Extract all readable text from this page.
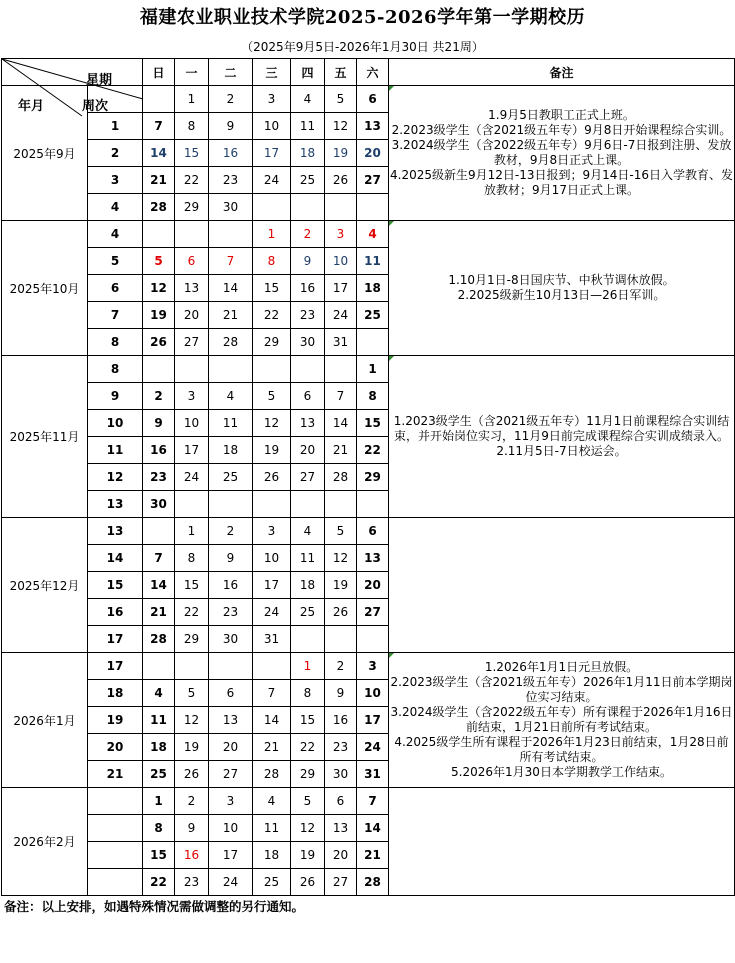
福建农业职业技术学院2025-2026学年第一学期校历
（2025年9月5日-2026年1月30日 共21周）
星期
年月 周次		日	一	二	三	四	五	六	备注
2025年9月			1	2	3	4	5	6	1.9月5日教职工正式上班。
2.2023级学生（含2021级五年专）9月8日开始课程综合实训。
3.2024级学生（含2022级五年专）9月6日-7日报到注册、发放教材，9月8日正式上课。
4.2025级新生9月12日-13日报到；9月14日-16日入学教育、发放教材；9月17日正式上课。

	1	7	8	9	10	11	12	13	
	2	14	15	16	17	18	19	20	
	3	21	22	23	24	25	26	27	
	4	28	29	30					
2025年10月	4				1	2	3	4	1.10月1日-8日国庆节、中秋节调休放假。
2.2025级新生10月13日—26日军训。

	5	5	6	7	8	9	10	11	
	6	12	13	14	15	16	17	18	
	7	19	20	21	22	23	24	25	
	8	26	27	28	29	30	31		
2025年11月	8							1	1.2023级学生（含2021级五年专）11月1日前课程综合实训结束，并开始岗位实习，11月9日前完成课程综合实训成绩录入。
2.11月5日-7日校运会。

	9	2	3	4	5	6	7	8	
	10	9	10	11	12	13	14	15	
	11	16	17	18	19	20	21	22	
	12	23	24	25	26	27	28	29	
	13	30							
2025年12月	13		1	2	3	4	5	6	
	14	7	8	9	10	11	12	13	
	15	14	15	16	17	18	19	20	
	16	21	22	23	24	25	26	27	
	17	28	29	30	31				
2026年1月	17					1	2	3	1.2026年1月1日元旦放假。
2.2023级学生（含2021级五年专）2026年1月11日前本学期岗位实习结束。
3.2024级学生（含2022级五年专）所有课程于2026年1月16日前结束，1月21日前所有考试结束。
4.2025级学生所有课程于2026年1月23日前结束，1月28日前所有考试结束。
5.2026年1月30日本学期教学工作结束。

	18	4	5	6	7	8	9	10	
	19	11	12	13	14	15	16	17	
	20	18	19	20	21	22	23	24	
	21	25	26	27	28	29	30	31	
2026年2月		1	2	3	4	5	6	7	
		8	9	10	11	12	13	14	
		15	16	17	18	19	20	21	
		22	23	24	25	26	27	28	
备注：以上安排，如遇特殊情况需做调整的另行通知。
